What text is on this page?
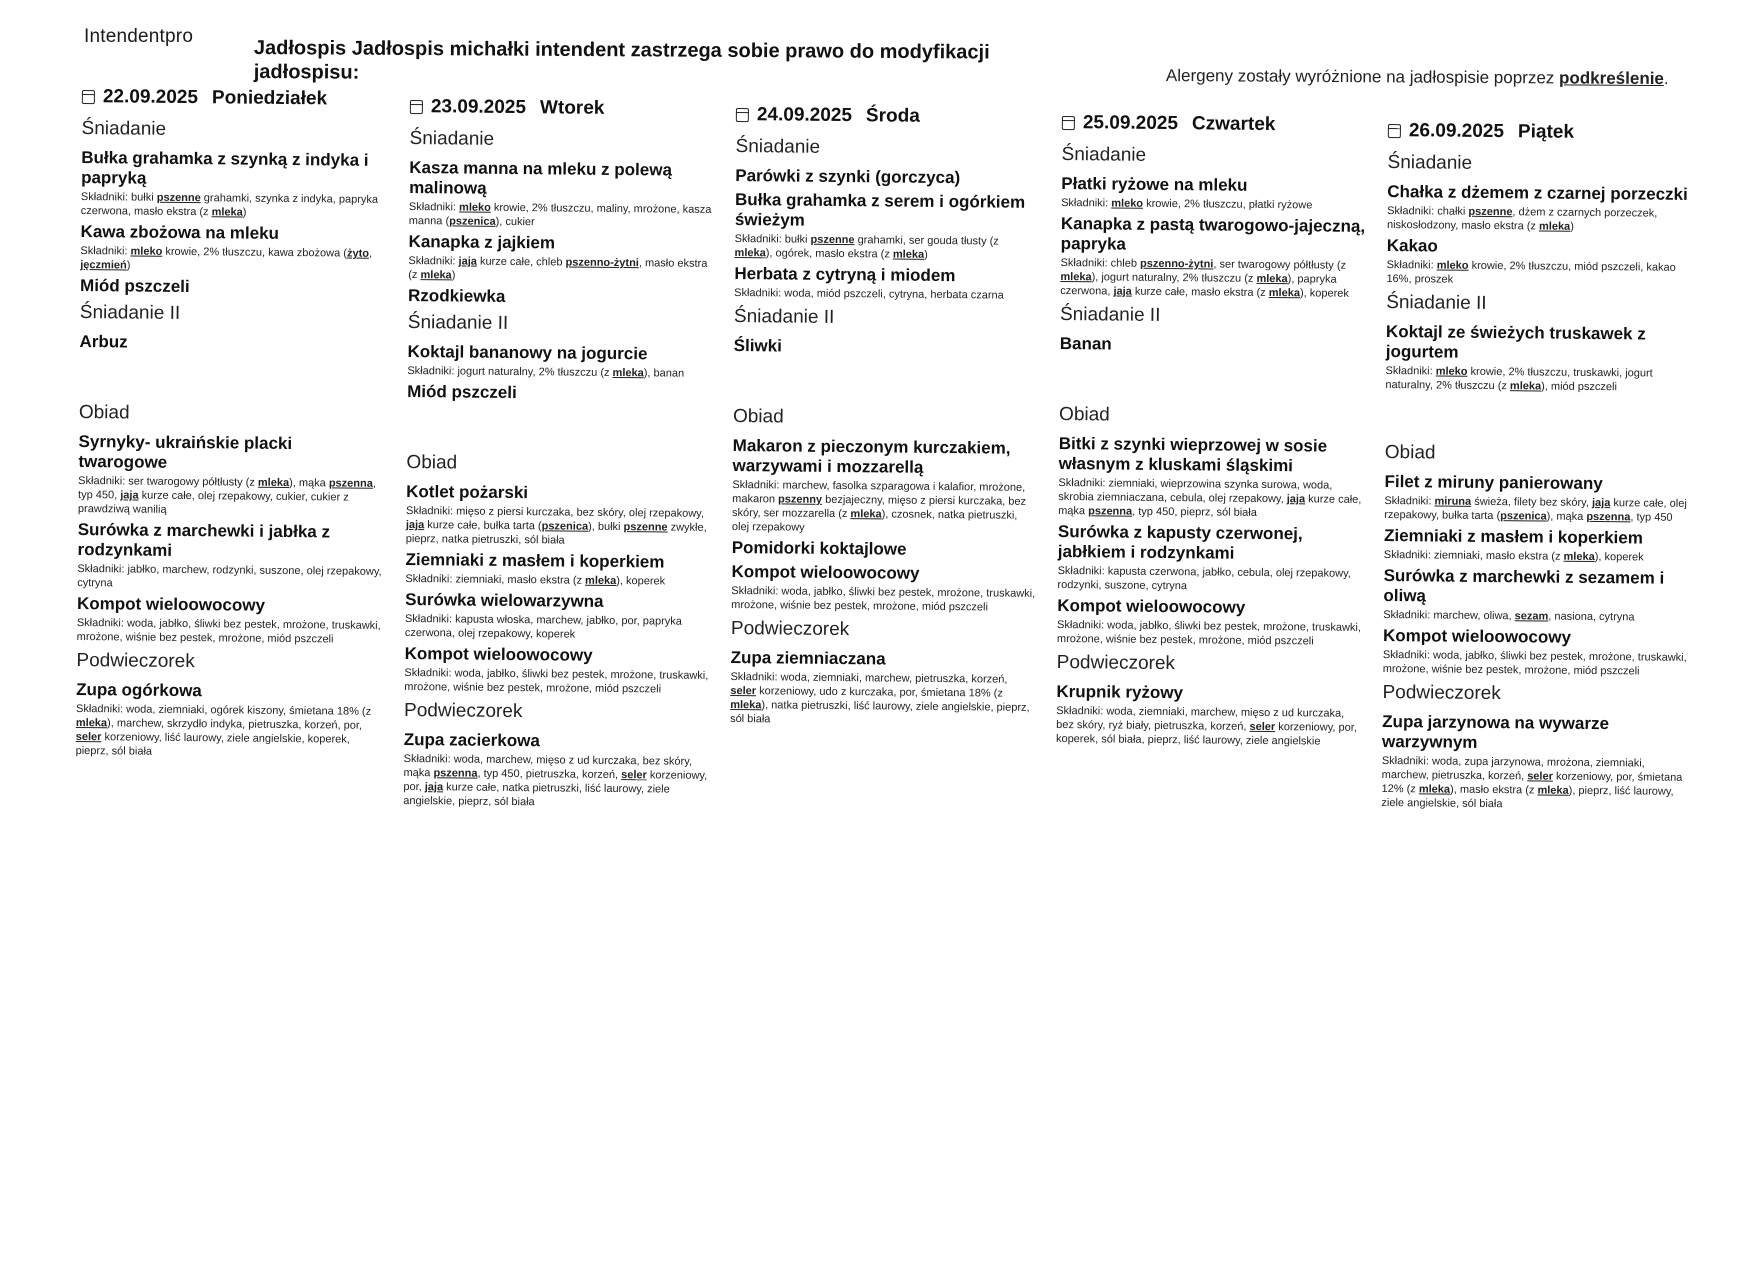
Intendentpro
Jadłospis Jadłospis michałki intendent zastrzega sobie prawo do modyfikacji jadłospisu:	Alergeny zostały wyróżnione na jadłospisie poprzez podkreślenie.
22.09.2025 Poniedziałek
Śniadanie
Bułka grahamka z szynką z indyka i papryką
Składniki: bułki pszenne grahamki, szynka z indyka, papryka czerwona, masło ekstra (z mleka)
Kawa zbożowa na mleku
Składniki: mleko krowie, 2% tłuszczu, kawa zbożowa (żyto, jęczmień)
Miód pszczeli
Śniadanie II
Arbuz
Obiad
Syrnyky- ukraińskie placki twarogowe
Składniki: ser twarogowy półtłusty (z mleka), mąka pszenna, typ 450, jaja kurze całe, olej rzepakowy, cukier, cukier z prawdziwą wanilią
Surówka z marchewki i jabłka z rodzynkami
Składniki: jabłko, marchew, rodzynki, suszone, olej rzepakowy, cytryna
Kompot wieloowocowy
Składniki: woda, jabłko, śliwki bez pestek, mrożone, truskawki, mrożone, wiśnie bez pestek, mrożone, miód pszczeli
Podwieczorek
Zupa ogórkowa
Składniki: woda, ziemniaki, ogórek kiszony, śmietana 18% (z mleka), marchew, skrzydło indyka, pietruszka, korzeń, por, seler korzeniowy, liść laurowy, ziele angielskie, koperek, pieprz, sól biała
23.09.2025 Wtorek
Śniadanie
Kasza manna na mleku z polewą malinową
Składniki: mleko krowie, 2% tłuszczu, maliny, mrożone, kasza manna (pszenica), cukier
Kanapka z jajkiem
Składniki: jaja kurze całe, chleb pszenno-żytni, masło ekstra (z mleka)
Rzodkiewka
Śniadanie II
Koktajl bananowy na jogurcie
Składniki: jogurt naturalny, 2% tłuszczu (z mleka), banan
Miód pszczeli
Obiad
Kotlet pożarski
Składniki: mięso z piersi kurczaka, bez skóry, olej rzepakowy, jaja kurze całe, bułka tarta (pszenica), bułki pszenne zwykłe, pieprz, natka pietruszki, sól biała
Ziemniaki z masłem i koperkiem
Składniki: ziemniaki, masło ekstra (z mleka), koperek
Surówka wielowarzywna
Składniki: kapusta włoska, marchew, jabłko, por, papryka czerwona, olej rzepakowy, koperek
Kompot wieloowocowy
Składniki: woda, jabłko, śliwki bez pestek, mrożone, truskawki, mrożone, wiśnie bez pestek, mrożone, miód pszczeli
Podwieczorek
Zupa zacierkowa
Składniki: woda, marchew, mięso z ud kurczaka, bez skóry, mąka pszenna, typ 450, pietruszka, korzeń, seler korzeniowy, por, jaja kurze całe, natka pietruszki, liść laurowy, ziele angielskie, pieprz, sól biała
24.09.2025 Środa
Śniadanie
Parówki z szynki (gorczyca)
Bułka grahamka z serem i ogórkiem świeżym
Składniki: bułki pszenne grahamki, ser gouda tłusty (z mleka), ogórek, masło ekstra (z mleka)
Herbata z cytryną i miodem
Składniki: woda, miód pszczeli, cytryna, herbata czarna
Śniadanie II
Śliwki
Obiad
Makaron z pieczonym kurczakiem, warzywami i mozzarellą
Składniki: marchew, fasolka szparagowa i kalafior, mrożone, makaron pszenny bezjajeczny, mięso z piersi kurczaka, bez skóry, ser mozzarella (z mleka), czosnek, natka pietruszki, olej rzepakowy
Pomidorki koktajlowe
Kompot wieloowocowy
Składniki: woda, jabłko, śliwki bez pestek, mrożone, truskawki, mrożone, wiśnie bez pestek, mrożone, miód pszczeli
Podwieczorek
Zupa ziemniaczana
Składniki: woda, ziemniaki, marchew, pietruszka, korzeń, seler korzeniowy, udo z kurczaka, por, śmietana 18% (z mleka), natka pietruszki, liść laurowy, ziele angielskie, pieprz, sól biała
25.09.2025 Czwartek
Śniadanie
Płatki ryżowe na mleku
Składniki: mleko krowie, 2% tłuszczu, płatki ryżowe
Kanapka z pastą twarogowo-jajeczną, papryka
Składniki: chleb pszenno-żytni, ser twarogowy półtłusty (z mleka), jogurt naturalny, 2% tłuszczu (z mleka), papryka czerwona, jaja kurze całe, masło ekstra (z mleka), koperek
Śniadanie II
Banan
Obiad
Bitki z szynki wieprzowej w sosie własnym z kluskami śląskimi
Składniki: ziemniaki, wieprzowina szynka surowa, woda, skrobia ziemniaczana, cebula, olej rzepakowy, jaja kurze całe, mąka pszenna, typ 450, pieprz, sól biała
Surówka z kapusty czerwonej, jabłkiem i rodzynkami
Składniki: kapusta czerwona, jabłko, cebula, olej rzepakowy, rodzynki, suszone, cytryna
Kompot wieloowocowy
Składniki: woda, jabłko, śliwki bez pestek, mrożone, truskawki, mrożone, wiśnie bez pestek, mrożone, miód pszczeli
Podwieczorek
Krupnik ryżowy
Składniki: woda, ziemniaki, marchew, mięso z ud kurczaka, bez skóry, ryż biały, pietruszka, korzeń, seler korzeniowy, por, koperek, sól biała, pieprz, liść laurowy, ziele angielskie
26.09.2025 Piątek
Śniadanie
Chałka z dżemem z czarnej porzeczki
Składniki: chałki pszenne, dżem z czarnych porzeczek, niskosłodzony, masło ekstra (z mleka)
Kakao
Składniki: mleko krowie, 2% tłuszczu, miód pszczeli, kakao 16%, proszek
Śniadanie II
Koktajl ze świeżych truskawek z jogurtem
Składniki: mleko krowie, 2% tłuszczu, truskawki, jogurt naturalny, 2% tłuszczu (z mleka), miód pszczeli
Obiad
Filet z miruny panierowany
Składniki: miruna świeża, filety bez skóry, jaja kurze całe, olej rzepakowy, bułka tarta (pszenica), mąka pszenna, typ 450
Ziemniaki z masłem i koperkiem
Składniki: ziemniaki, masło ekstra (z mleka), koperek
Surówka z marchewki z sezamem i oliwą
Składniki: marchew, oliwa, sezam, nasiona, cytryna
Kompot wieloowocowy
Składniki: woda, jabłko, śliwki bez pestek, mrożone, truskawki, mrożone, wiśnie bez pestek, mrożone, miód pszczeli
Podwieczorek
Zupa jarzynowa na wywarze warzywnym
Składniki: woda, zupa jarzynowa, mrożona, ziemniaki, marchew, pietruszka, korzeń, seler korzeniowy, por, śmietana 12% (z mleka), masło ekstra (z mleka), pieprz, liść laurowy, ziele angielskie, sól biała
